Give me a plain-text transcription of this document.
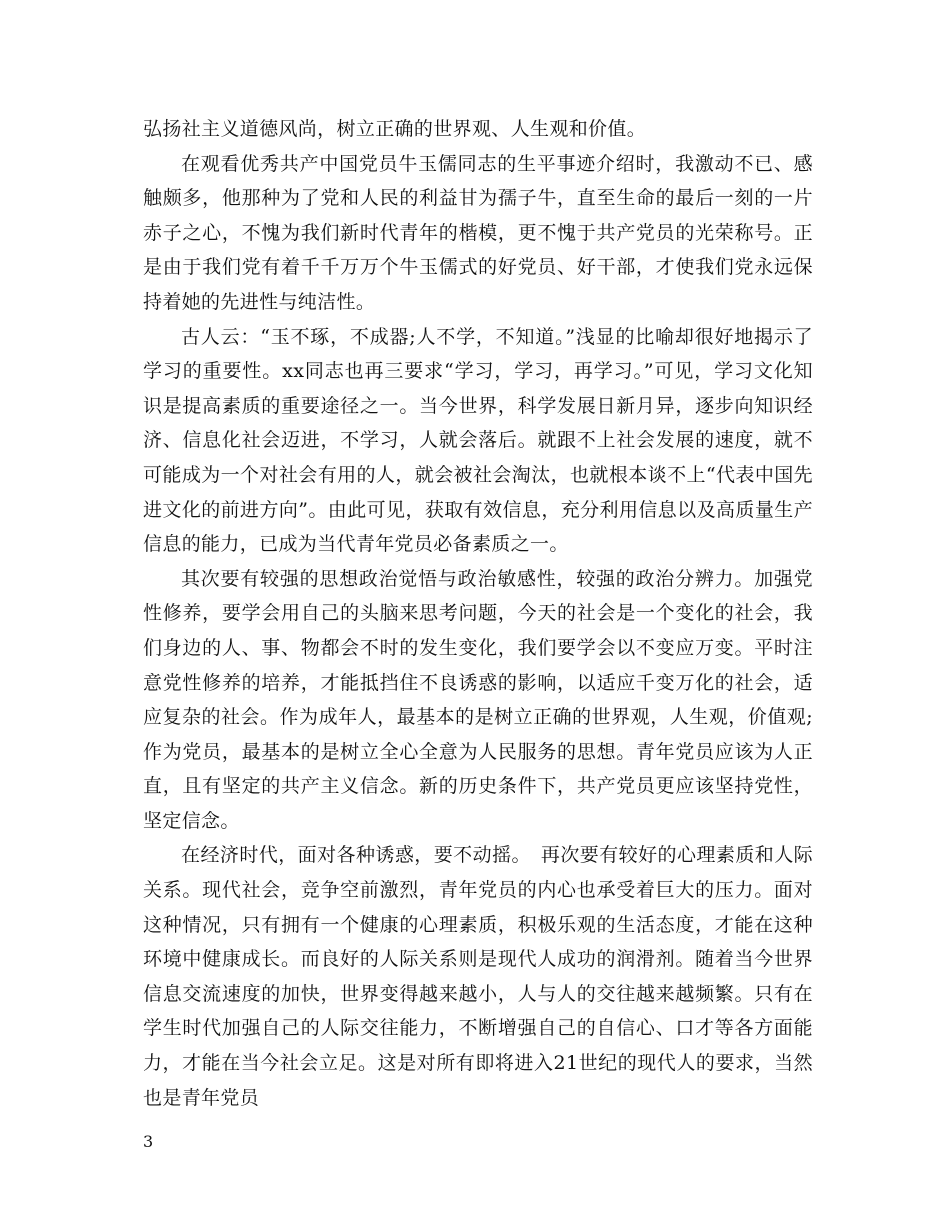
弘扬社主义道德风尚，树立正确的世界观、人生观和价值。

在观看优秀共产中国党员牛玉儒同志的生平事迹介绍时，我激动不已、感触颇多，他那种为了党和人民的利益甘为孺子牛，直至生命的最后一刻的一片赤子之心，不愧为我们新时代青年的楷模，更不愧于共产党员的光荣称号。正是由于我们党有着千千万万个牛玉儒式的好党员、好干部，才使我们党永远保持着她的先进性与纯洁性。

古人云：“玉不琢，不成器;人不学，不知道。”浅显的比喻却很好地揭示了学习的重要性。xx同志也再三要求“学习，学习，再学习。”可见，学习文化知识是提高素质的重要途径之一。当今世界，科学发展日新月异，逐步向知识经济、信息化社会迈进，不学习，人就会落后。就跟不上社会发展的速度，就不可能成为一个对社会有用的人，就会被社会淘汰，也就根本谈不上“代表中国先进文化的前进方向”。由此可见，获取有效信息，充分利用信息以及高质量生产信息的能力，已成为当代青年党员必备素质之一。

其次要有较强的思想政治觉悟与政治敏感性，较强的政治分辨力。加强党性修养，要学会用自己的头脑来思考问题，今天的社会是一个变化的社会，我们身边的人、事、物都会不时的发生变化，我们要学会以不变应万变。平时注意党性修养的培养，才能抵挡住不良诱惑的影响，以适应千变万化的社会，适应复杂的社会。作为成年人，最基本的是树立正确的世界观，人生观，价值观;作为党员，最基本的是树立全心全意为人民服务的思想。青年党员应该为人正直，且有坚定的共产主义信念。新的历史条件下，共产党员更应该坚持党性，坚定信念。

在经济时代，面对各种诱惑，要不动摇。　再次要有较好的心理素质和人际关系。现代社会，竞争空前激烈，青年党员的内心也承受着巨大的压力。面对这种情况，只有拥有一个健康的心理素质，积极乐观的生活态度，才能在这种环境中健康成长。而良好的人际关系则是现代人成功的润滑剂。随着当今世界信息交流速度的加快，世界变得越来越小，人与人的交往越来越频繁。只有在学生时代加强自己的人际交往能力，不断增强自己的自信心、口才等各方面能力，才能在当今社会立足。这是对所有即将进入21世纪的现代人的要求，当然也是青年党员

3
